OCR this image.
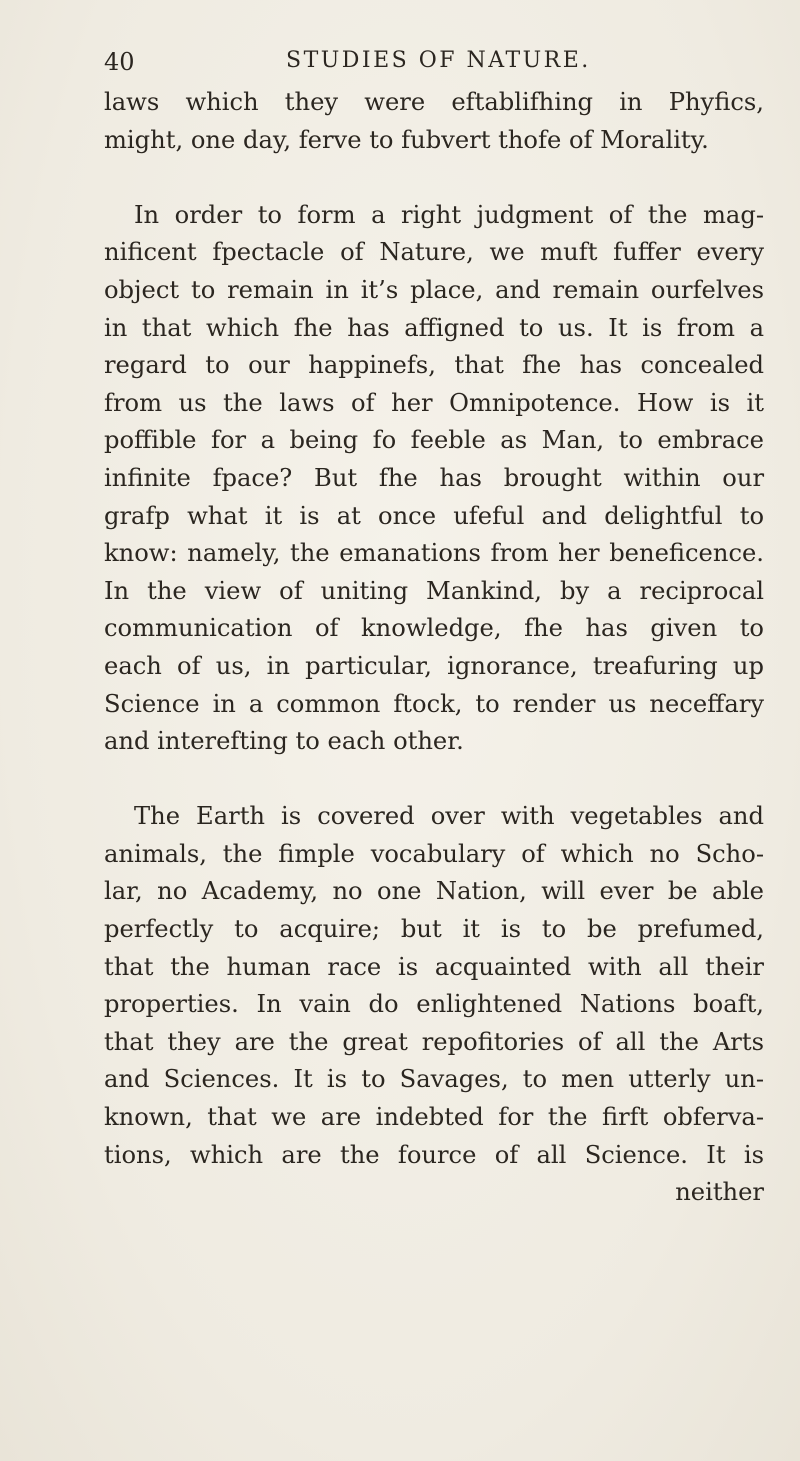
40	STUDIES OF NATURE.
laws which they were eftablifhing in Phyfics,
might, one day, ferve to fubvert thofe of Morality.
In order to form a right judgment of the mag-
nificent fpectacle of Nature, we muft fuffer every
object to remain in it’s place, and remain ourfelves
in that which fhe has affigned to us. It is from a
regard to our happinefs, that fhe has concealed
from us the laws of her Omnipotence. How is it
poffible for a being fo feeble as Man, to embrace
infinite fpace? But fhe has brought within our
grafp what it is at once ufeful and delightful to
know: namely, the emanations from her beneficence.
In the view of uniting Mankind, by a reciprocal
communication of knowledge, fhe has given to
each of us, in particular, ignorance, treafuring up
Science in a common ftock, to render us neceffary
and interefting to each other.
The Earth is covered over with vegetables and
animals, the fimple vocabulary of which no Scho-
lar, no Academy, no one Nation, will ever be able
perfectly to acquire; but it is to be prefumed,
that the human race is acquainted with all their
properties. In vain do enlightened Nations boaft,
that they are the great repofitories of all the Arts
and Sciences. It is to Savages, to men utterly un-
known, that we are indebted for the firft obferva-
tions, which are the fource of all Science. It is
neither
